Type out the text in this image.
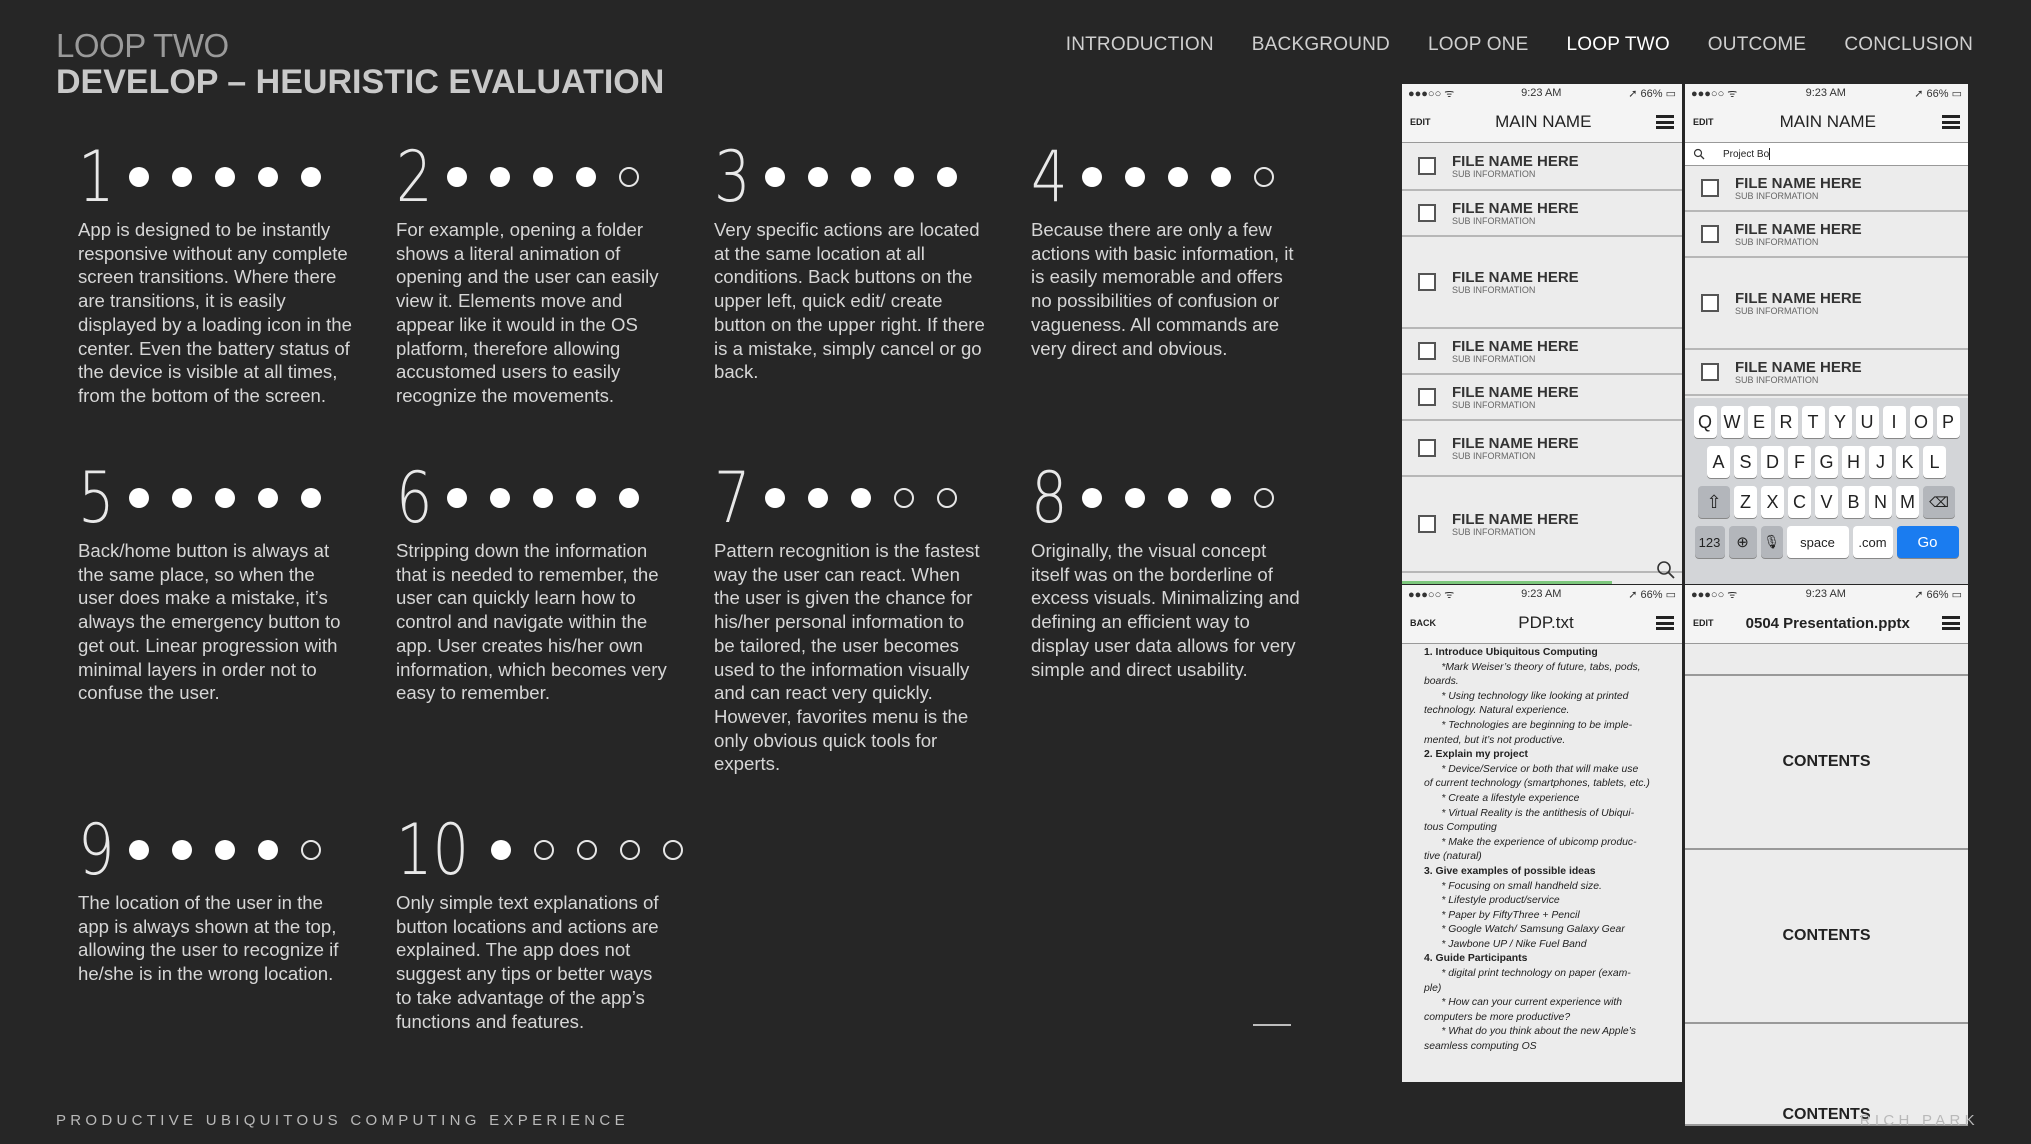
LOOP TWO
DEVELOP – HEURISTIC EVALUATION
INTRODUCTION BACKGROUND LOOP ONE LOOP TWO OUTCOME CONCLUSION
1
App is designed to be instantly responsive without any complete screen transitions. Where there are transitions, it is easily displayed by a loading icon in the center. Even the battery status of the device is visible at all times, from the bottom of the screen.
2
For example, opening a folder shows a literal animation of opening and the user can easily view it. Elements move and appear like it would in the OS platform, therefore allowing accustomed users to easily recognize the movements.
3
Very specific actions are located at the same location at all conditions. Back buttons on the upper left, quick edit/ create button on the upper right. If there is a mistake, simply cancel or go back.
4
Because there are only a few actions with basic information, it is easily memorable and offers no possibilities of confusion or vagueness. All commands are very direct and obvious.
5
Back/home button is always at the same place, so when the user does make a mistake, it’s always the emergency button to get out. Linear progression with minimal layers in order not to confuse the user.
6
Stripping down the information that is needed to remember, the user can quickly learn how to control and navigate within the app. User creates his/her own information, which becomes very easy to remember.
7
Pattern recognition is the fastest way the user can react. When the user is given the chance for his/her personal information to be tailored, the user becomes used to the information visually and can react very quickly. However, favorites menu is the only obvious quick tools for experts.
8
Originally, the visual concept itself was on the borderline of excess visuals. Minimalizing and defining an efficient way to display user data allows for very simple and direct usability.
9
The location of the user in the app is always shown at the top, allowing the user to recognize if he/she is in the wrong location.
10
Only simple text explanations of button locations and actions are explained. The app does not suggest any tips or better ways to take advantage of the app’s functions and features.
●●●○○ ᯤ	9:23 AM	➚ 66% ▭
EDIT	MAIN NAME
FILE NAME HERE
SUB INFORMATION
FILE NAME HERE
SUB INFORMATION
FILE NAME HERE
SUB INFORMATION
FILE NAME HERE
SUB INFORMATION
FILE NAME HERE
SUB INFORMATION
FILE NAME HERE
SUB INFORMATION
FILE NAME HERE
SUB INFORMATION
●●●○○ ᯤ	9:23 AM	➚ 66% ▭
EDIT	MAIN NAME
Project Bo
FILE NAME HERE
SUB INFORMATION
FILE NAME HERE
SUB INFORMATION
FILE NAME HERE
SUB INFORMATION
FILE NAME HERE
SUB INFORMATION
Q W E R T Y U I O P
A S D F G H J K L
⇧	Z X C V B N M	⌫
123	⊕	🎙	space	.com	Go
●●●○○ ᯤ	9:23 AM	➚ 66% ▭
BACK	PDP.txt
1. Introduce Ubiquitous Computing
*Mark Weiser’s theory of future, tabs, pods,
boards.
* Using technology like looking at printed
technology. Natural experience.
* Technologies are beginning to be imple-
mented, but it’s not productive.
2. Explain my project
* Device/Service or both that will make use
of current technology (smartphones, tablets, etc.)
* Create a lifestyle experience
* Virtual Reality is the antithesis of Ubiqui-
tous Computing
* Make the experience of ubicomp produc-
tive (natural)
3. Give examples of possible ideas
* Focusing on small handheld size.
* Lifestyle product/service
* Paper by FiftyThree + Pencil
* Google Watch/ Samsung Galaxy Gear
* Jawbone UP / Nike Fuel Band
4. Guide Participants
* digital print technology on paper (exam-
ple)
* How can your current experience with
computers be more productive?
* What do you think about the new Apple’s
seamless computing OS
●●●○○ ᯤ	9:23 AM	➚ 66% ▭
EDIT 0504 Presentation.pptx
CONTENTS
CONTENTS
CONTENTS
PRODUCTIVE UBIQUITOUS COMPUTING EXPERIENCE	RICH PARK
